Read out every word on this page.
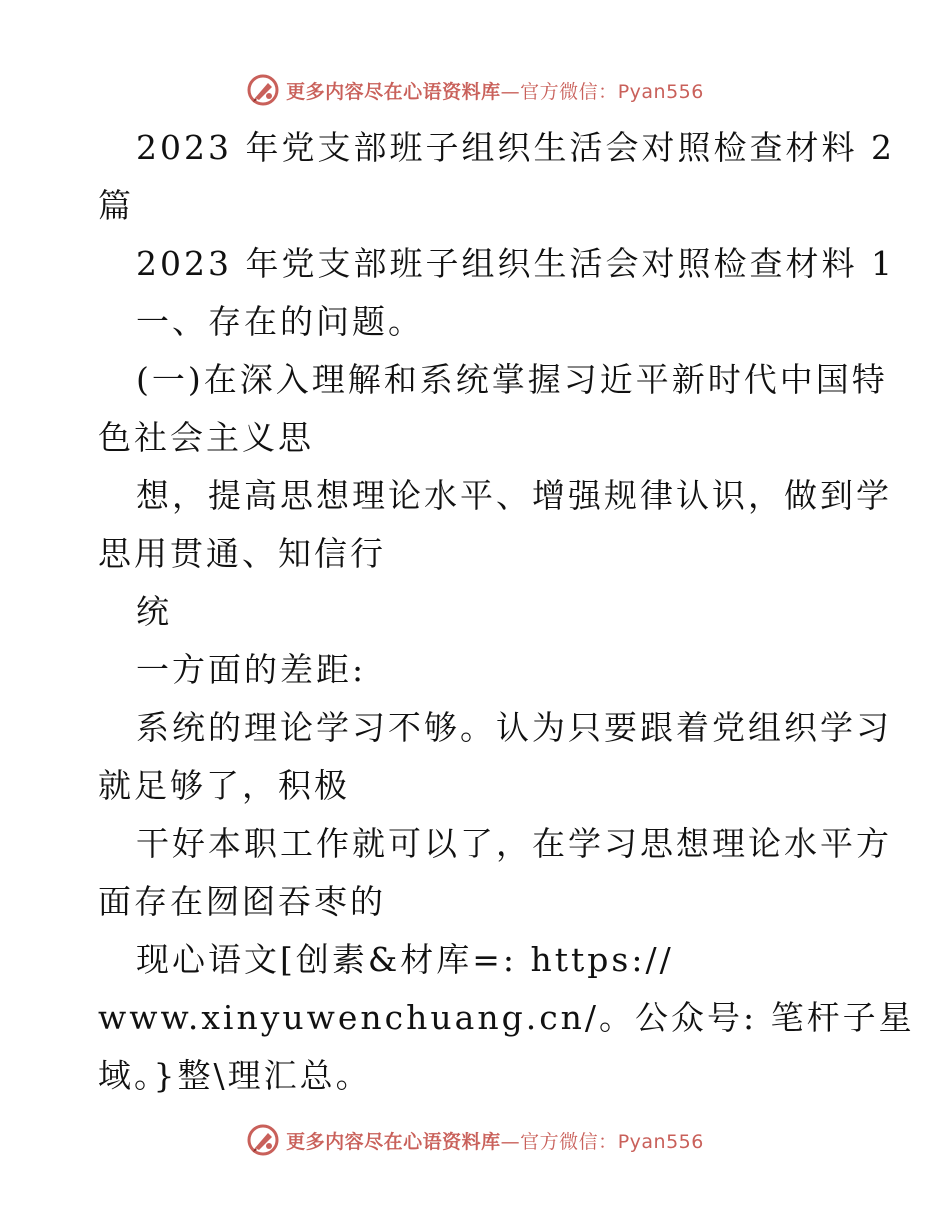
更多内容尽在心语资料库—官方微信：Pyan556
2023 年党支部班子组织生活会对照检查材料 2
篇
2023 年党支部班子组织生活会对照检查材料 1
一、存在的问题。
(一)在深入理解和系统掌握习近平新时代中国特
色社会主义思
想，提高思想理论水平、增强规律认识，做到学
思用贯通、知信行
统
一方面的差距:
系统的理论学习不够。认为只要跟着党组织学习
就足够了，积极
干好本职工作就可以了，在学习思想理论水平方
面存在囫囵吞枣的
现心语文[创素&材库=: https://
www.xinyuwenchuang.cn/。公众号: 笔杆子星
域。}整\理汇总。
更多内容尽在心语资料库—官方微信：Pyan556
